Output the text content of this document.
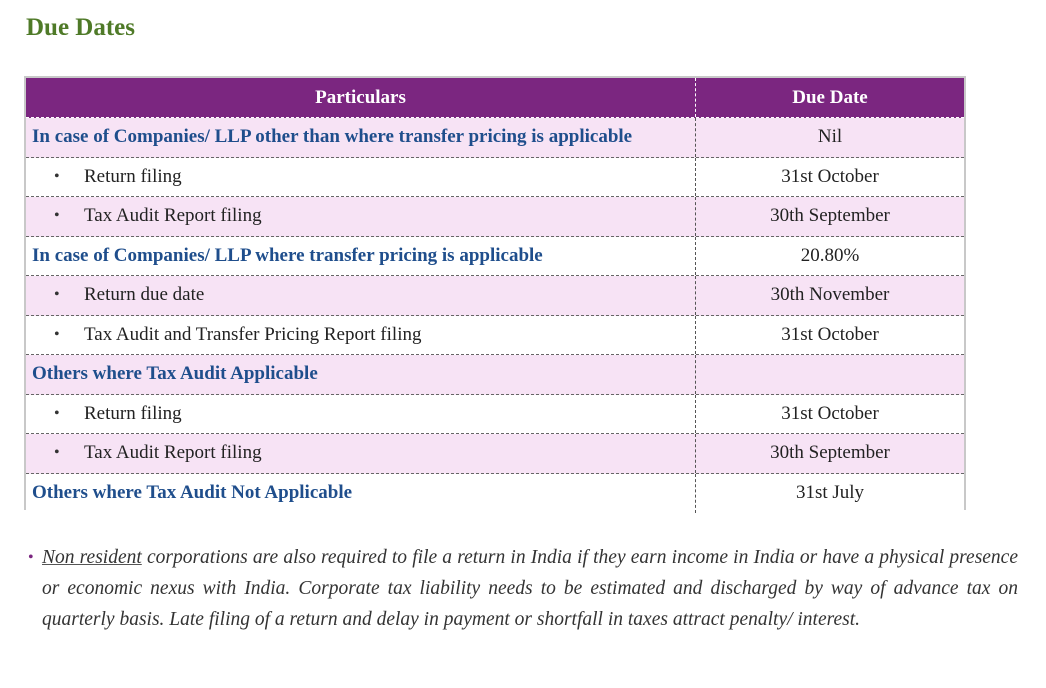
Due Dates
Particulars	Due Date
In case of Companies/ LLP other than where transfer pricing is applicable	Nil
•	Return filing	31st October
•	Tax Audit Report filing	30th September
In case of Companies/ LLP where transfer pricing is applicable	20.80%
•	Return due date	30th November
•	Tax Audit and Transfer Pricing Report filing	31st October
Others where Tax Audit Applicable
•	Return filing	31st October
•	Tax Audit Report filing	30th September
Others where Tax Audit Not Applicable	31st July
• Non resident corporations are also required to file a return in India if they earn income in India or have a physical presence or economic nexus with India. Corporate tax liability needs to be estimated and discharged by way of advance tax on quarterly basis. Late filing of a return and delay in payment or shortfall in taxes attract penalty/ interest.
